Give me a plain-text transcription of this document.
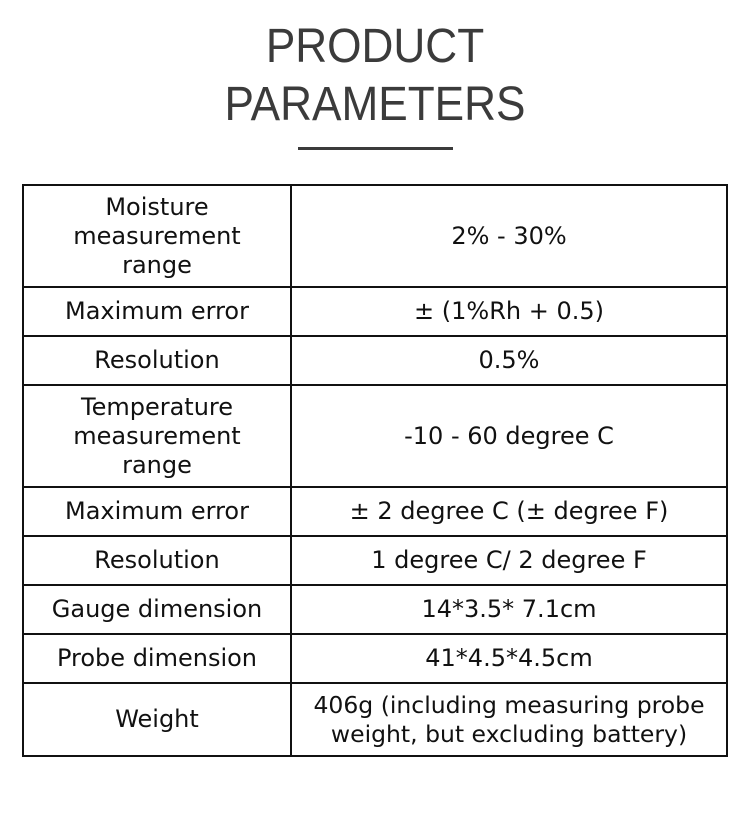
PRODUCT
PARAMETERS
Moisture measurement range	2% - 30%
Maximum error	± (1%Rh + 0.5)
Resolution	0.5%
Temperature measurement range	-10 - 60 degree C
Maximum error	± 2 degree C (± degree F)
Resolution	1 degree C/ 2 degree F
Gauge dimension	14*3.5* 7.1cm
Probe dimension	41*4.5*4.5cm
Weight	406g (including measuring probe weight, but excluding battery)
